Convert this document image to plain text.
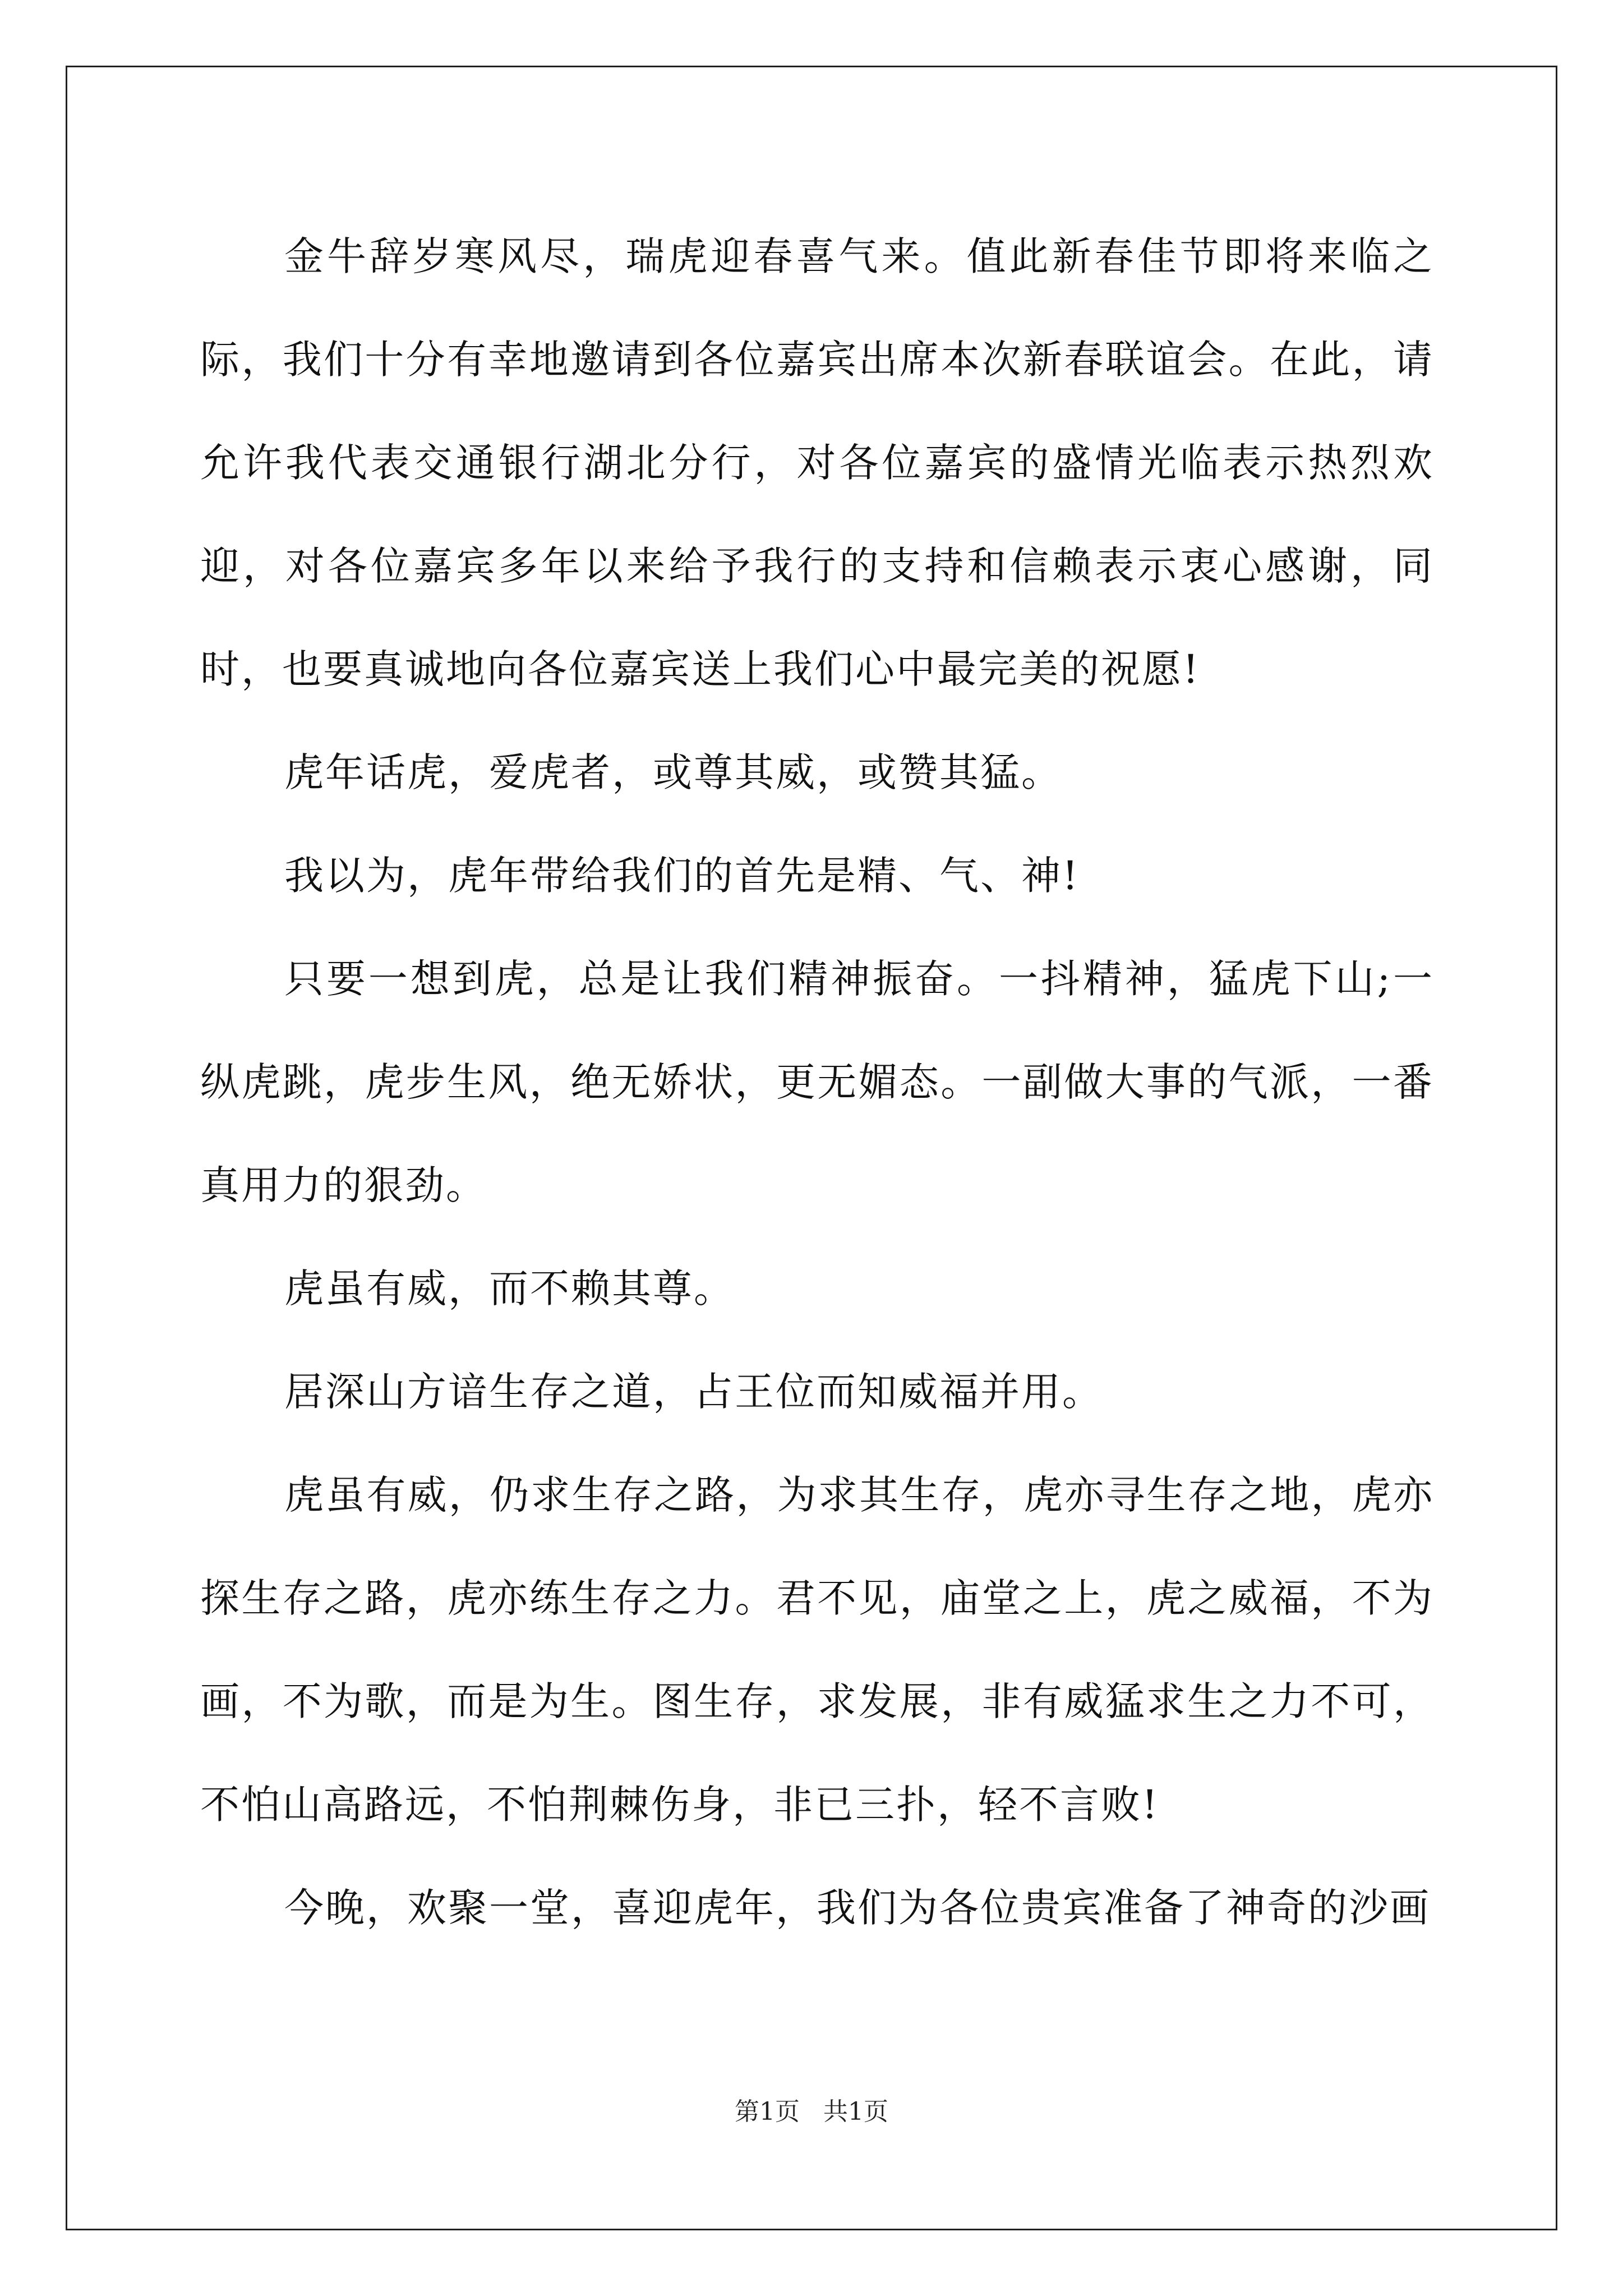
金牛辞岁寒风尽，瑞虎迎春喜气来。值此新春佳节即将来临之际，我们十分有幸地邀请到各位嘉宾出席本次新春联谊会。在此，请允许我代表交通银行湖北分行，对各位嘉宾的盛情光临表示热烈欢迎，对各位嘉宾多年以来给予我行的支持和信赖表示衷心感谢，同时，也要真诚地向各位嘉宾送上我们心中最完美的祝愿!

虎年话虎，爱虎者，或尊其威，或赞其猛。

我以为，虎年带给我们的首先是精、气、神!

只要一想到虎，总是让我们精神振奋。一抖精神，猛虎下山;一纵虎跳，虎步生风，绝无娇状，更无媚态。一副做大事的气派，一番真用力的狠劲。

虎虽有威，而不赖其尊。

居深山方谙生存之道，占王位而知威福并用。

虎虽有威，仍求生存之路，为求其生存，虎亦寻生存之地，虎亦探生存之路，虎亦练生存之力。君不见，庙堂之上，虎之威福，不为画，不为歌，而是为生。图生存，求发展，非有威猛求生之力不可，不怕山高路远，不怕荆棘伤身，非已三扑，轻不言败!

今晚，欢聚一堂，喜迎虎年，我们为各位贵宾准备了神奇的沙画

第1页 共1页
